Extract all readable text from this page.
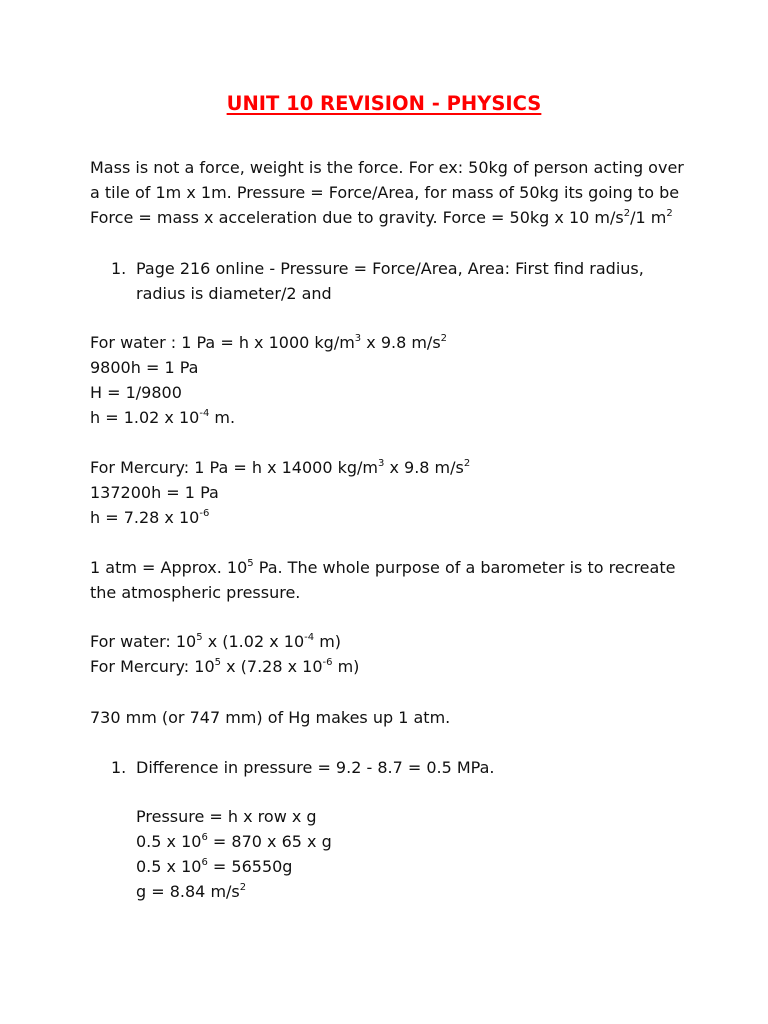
UNIT 10 REVISION - PHYSICS
Mass is not a force, weight is the force. For ex: 50kg of person acting over
a tile of 1m x 1m. Pressure = Force/Area, for mass of 50kg its going to be
Force = mass x acceleration due to gravity. Force = 50kg x 10 $m/s^2/1$ $m^2$
1. Page 216 online - Pressure = Force/Area, Area: First find radius,
radius is diameter/2 and
For water : 1 Pa = h x 1000 $kg/m^3$ x 9.8 $m/s^2$
9800h = 1 Pa
H = 1/9800
h = 1.02 x $10^{-4}$ m.
For Mercury: 1 Pa = h x 14000 $kg/m^3$ x 9.8 $m/s^2$
137200h = 1 Pa
h = 7.28 x $10^{-6}$
1 atm = Approx. $10^5$ Pa. The whole purpose of a barometer is to recreate
the atmospheric pressure.
For water: $10^5$ x (1.02 x $10^{-4}$ m)
For Mercury: $10^5$ x (7.28 x $10^{-6}$ m)
730 mm (or 747 mm) of Hg makes up 1 atm.
1. Difference in pressure = 9.2 - 8.7 = 0.5 MPa.
Pressure = h x row x g
0.5 x $10^6 = 870$ x 65 x g
0.5 x $10^6 = 56550g$
g = 8.84 $m/s^2$
